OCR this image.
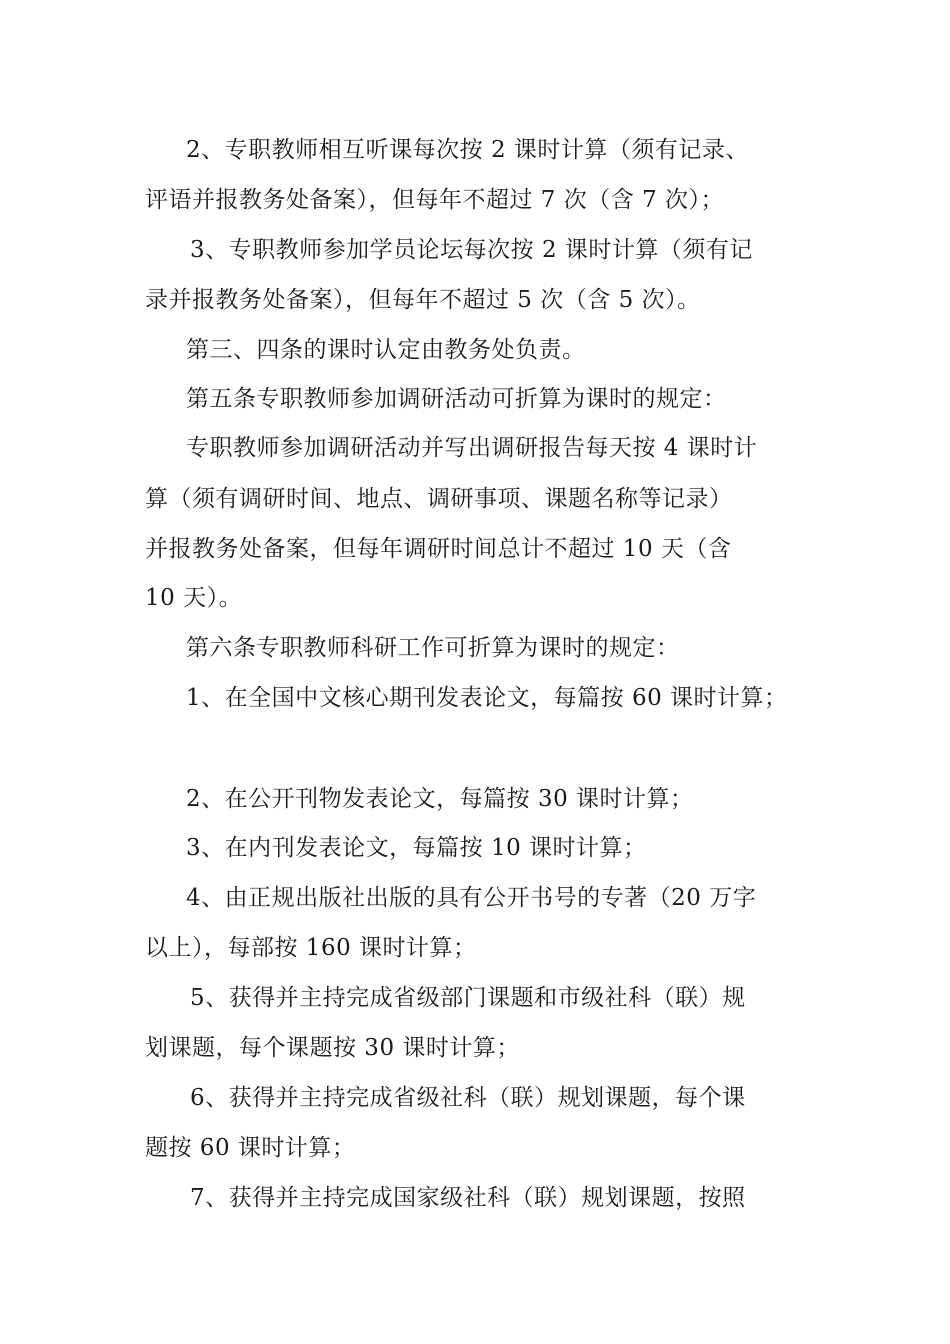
2、专职教师相互听课每次按 2 课时计算（须有记录、
评语并报教务处备案），但每年不超过 7 次（含 7 次）；
3、专职教师参加学员论坛每次按 2 课时计算（须有记
录并报教务处备案），但每年不超过 5 次（含 5 次）。
第三、四条的课时认定由教务处负责。
第五条专职教师参加调研活动可折算为课时的规定：
专职教师参加调研活动并写出调研报告每天按 4 课时计
算（须有调研时间、地点、调研事项、课题名称等记录）
并报教务处备案，但每年调研时间总计不超过 10 天（含
10 天）。
第六条专职教师科研工作可折算为课时的规定：
1、在全国中文核心期刊发表论文，每篇按 60 课时计算；
2、在公开刊物发表论文，每篇按 30 课时计算；
3、在内刊发表论文，每篇按 10 课时计算；
4、由正规出版社出版的具有公开书号的专著（20 万字
以上），每部按 160 课时计算；
5、获得并主持完成省级部门课题和市级社科（联）规
划课题，每个课题按 30 课时计算；
6、获得并主持完成省级社科（联）规划课题，每个课
题按 60 课时计算；
7、获得并主持完成国家级社科（联）规划课题，按照
